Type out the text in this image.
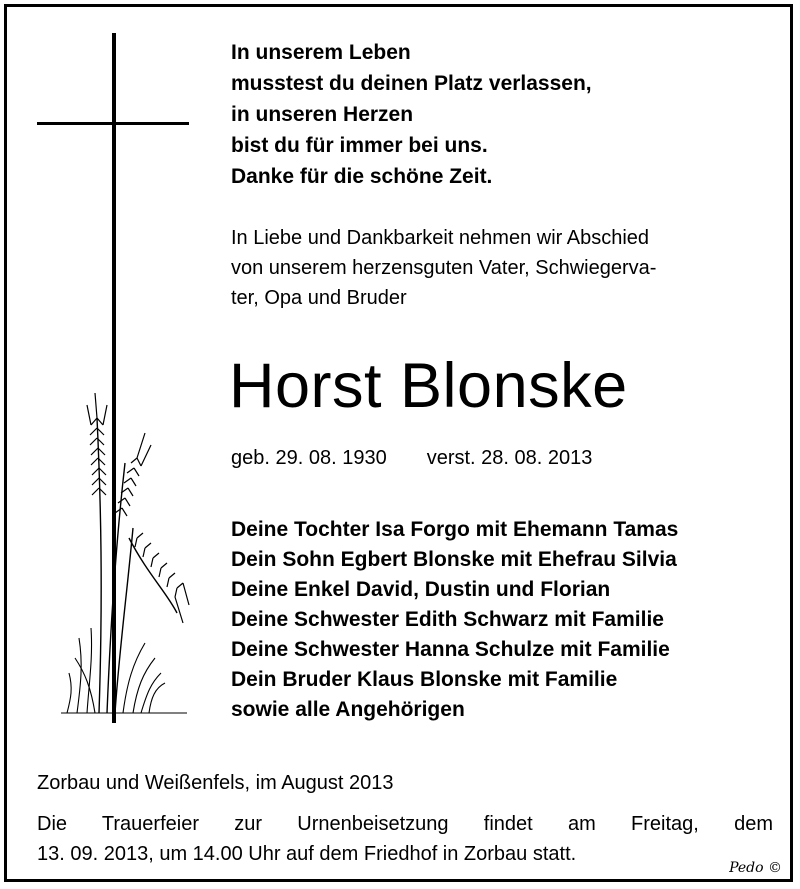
In unserem Leben
musstest du deinen Platz verlassen,
in unseren Herzen
bist du für immer bei uns.
Danke für die schöne Zeit.
In Liebe und Dankbarkeit nehmen wir Abschied
von unserem herzensguten Vater, Schwiegerva-
ter, Opa und Bruder
Horst Blonske
geb. 29. 08. 1930 verst. 28. 08. 2013
Deine Tochter Isa Forgo mit Ehemann Tamas
Dein Sohn Egbert Blonske mit Ehefrau Silvia
Deine Enkel David, Dustin und Florian
Deine Schwester Edith Schwarz mit Familie
Deine Schwester Hanna Schulze mit Familie
Dein Bruder Klaus Blonske mit Familie
sowie alle Angehörigen
Zorbau und Weißenfels, im August 2013
Die Trauerfeier zur Urnenbeisetzung findet am Freitag, dem
13. 09. 2013, um 14.00 Uhr auf dem Friedhof in Zorbau statt.
Pedo ©
